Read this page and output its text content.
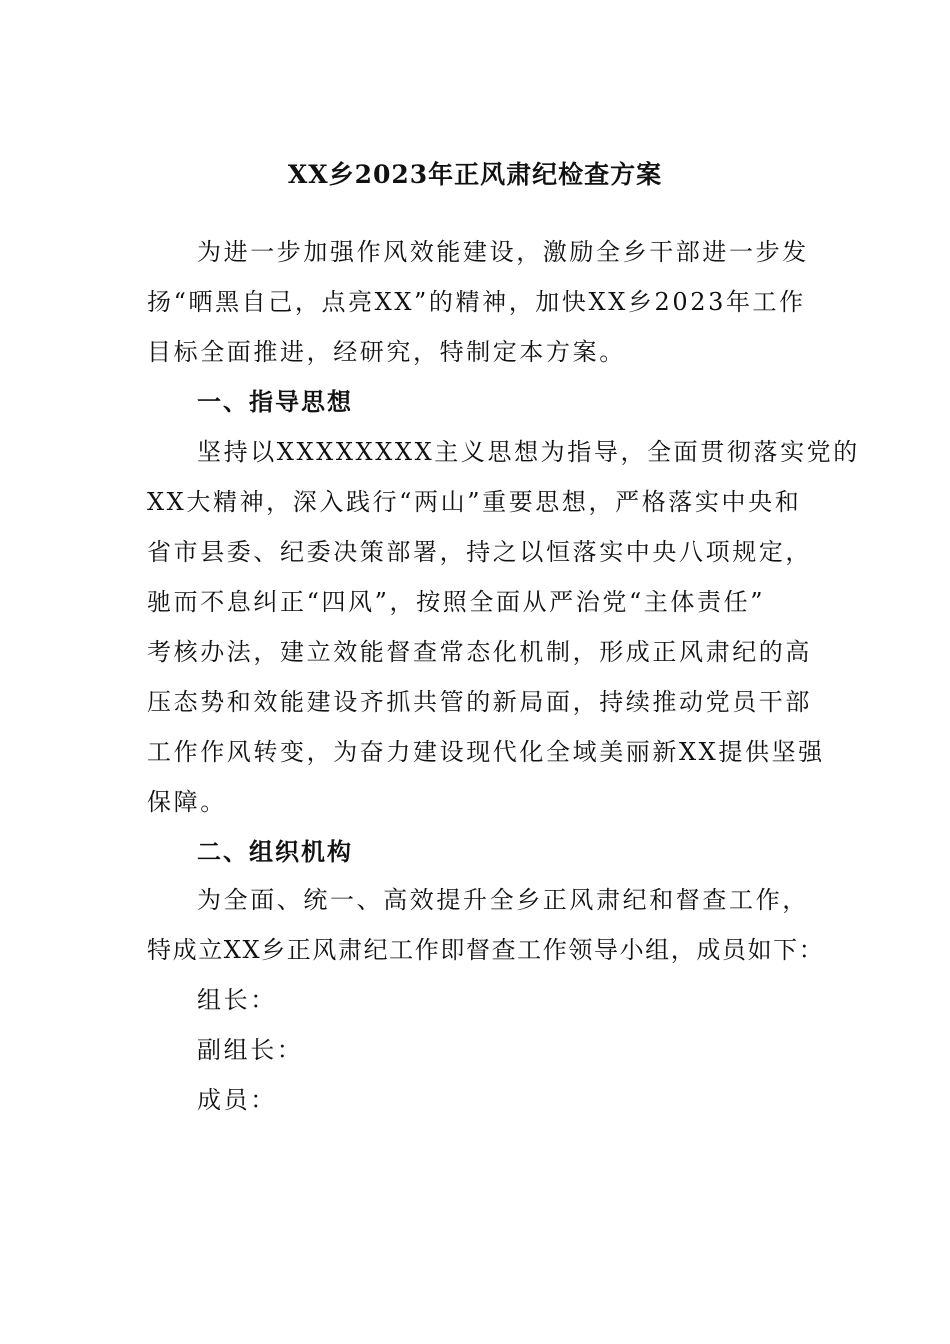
XX乡2023年正风肃纪检查方案
为进一步加强作风效能建设，激励全乡干部进一步发
扬“晒黑自己，点亮XX”的精神，加快XX乡2023年工作
目标全面推进，经研究，特制定本方案。
一、指导思想
坚持以XXXXXXXX主义思想为指导，全面贯彻落实党的
XX大精神，深入践行“两山”重要思想，严格落实中央和
省市县委、纪委决策部署，持之以恒落实中央八项规定，
驰而不息纠正“四风”，按照全面从严治党“主体责任”
考核办法，建立效能督查常态化机制，形成正风肃纪的高
压态势和效能建设齐抓共管的新局面，持续推动党员干部
工作作风转变，为奋力建设现代化全域美丽新XX提供坚强
保障。
二、组织机构
为全面、统一、高效提升全乡正风肃纪和督查工作，
特成立XX乡正风肃纪工作即督查工作领导小组，成员如下：
组长：
副组长：
成员：
